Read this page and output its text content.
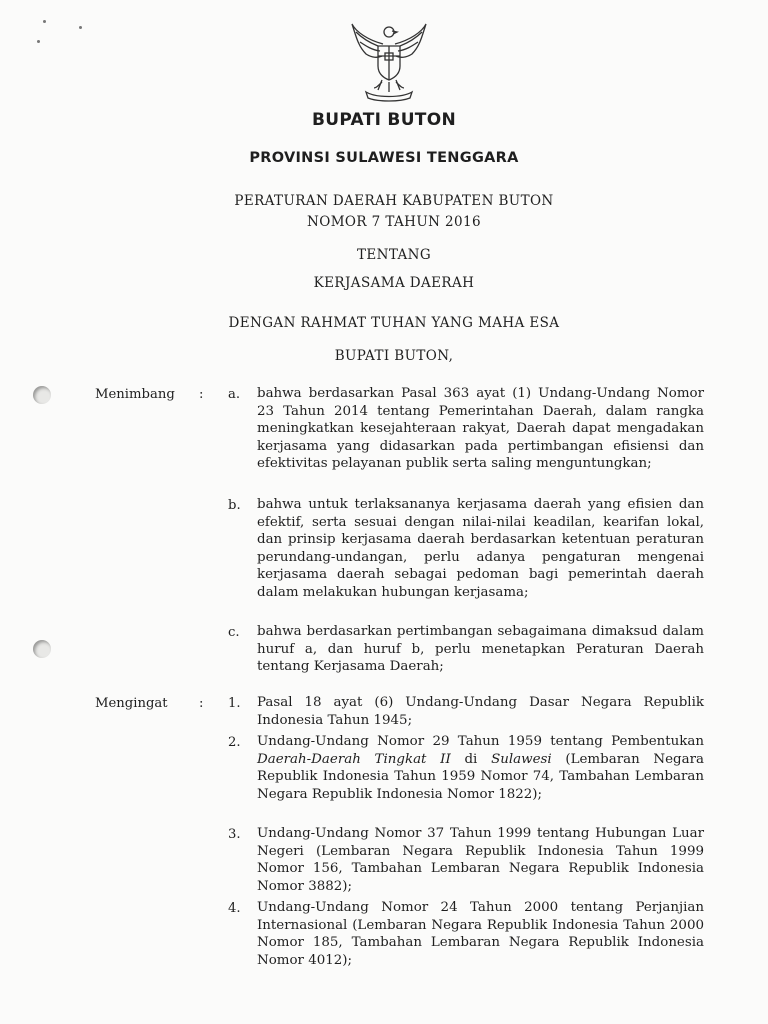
BUPATI BUTON
PROVINSI SULAWESI TENGGARA
PERATURAN DAERAH KABUPATEN BUTON
NOMOR 7 TAHUN 2016
TENTANG
KERJASAMA DAERAH
DENGAN RAHMAT TUHAN YANG MAHA ESA
BUPATI BUTON,
Menimbang : a. bahwa berdasarkan Pasal 363 ayat (1) Undang-Undang Nomor 23 Tahun 2014 tentang Pemerintahan Daerah, dalam rangka meningkatkan kesejahteraan rakyat, Daerah dapat mengadakan kerjasama yang didasarkan pada pertimbangan efisiensi dan efektivitas pelayanan publik serta saling menguntungkan;
b. bahwa untuk terlaksananya kerjasama daerah yang efisien dan efektif, serta sesuai dengan nilai-nilai keadilan, kearifan lokal, dan prinsip kerjasama daerah berdasarkan ketentuan peraturan perundang-undangan, perlu adanya pengaturan mengenai kerjasama daerah sebagai pedoman bagi pemerintah daerah dalam melakukan hubungan kerjasama;
c. bahwa berdasarkan pertimbangan sebagaimana dimaksud dalam huruf a, dan huruf b, perlu menetapkan Peraturan Daerah tentang Kerjasama Daerah;
Mengingat : 1. Pasal 18 ayat (6) Undang-Undang Dasar Negara Republik Indonesia Tahun 1945;
2. Undang-Undang Nomor 29 Tahun 1959 tentang Pembentukan Daerah-Daerah Tingkat II di Sulawesi (Lembaran Negara Republik Indonesia Tahun 1959 Nomor 74, Tambahan Lembaran Negara Republik Indonesia Nomor 1822);
3. Undang-Undang Nomor 37 Tahun 1999 tentang Hubungan Luar Negeri (Lembaran Negara Republik Indonesia Tahun 1999 Nomor 156, Tambahan Lembaran Negara Republik Indonesia Nomor 3882);
4. Undang-Undang Nomor 24 Tahun 2000 tentang Perjanjian Internasional (Lembaran Negara Republik Indonesia Tahun 2000 Nomor 185, Tambahan Lembaran Negara Republik Indonesia Nomor 4012);
